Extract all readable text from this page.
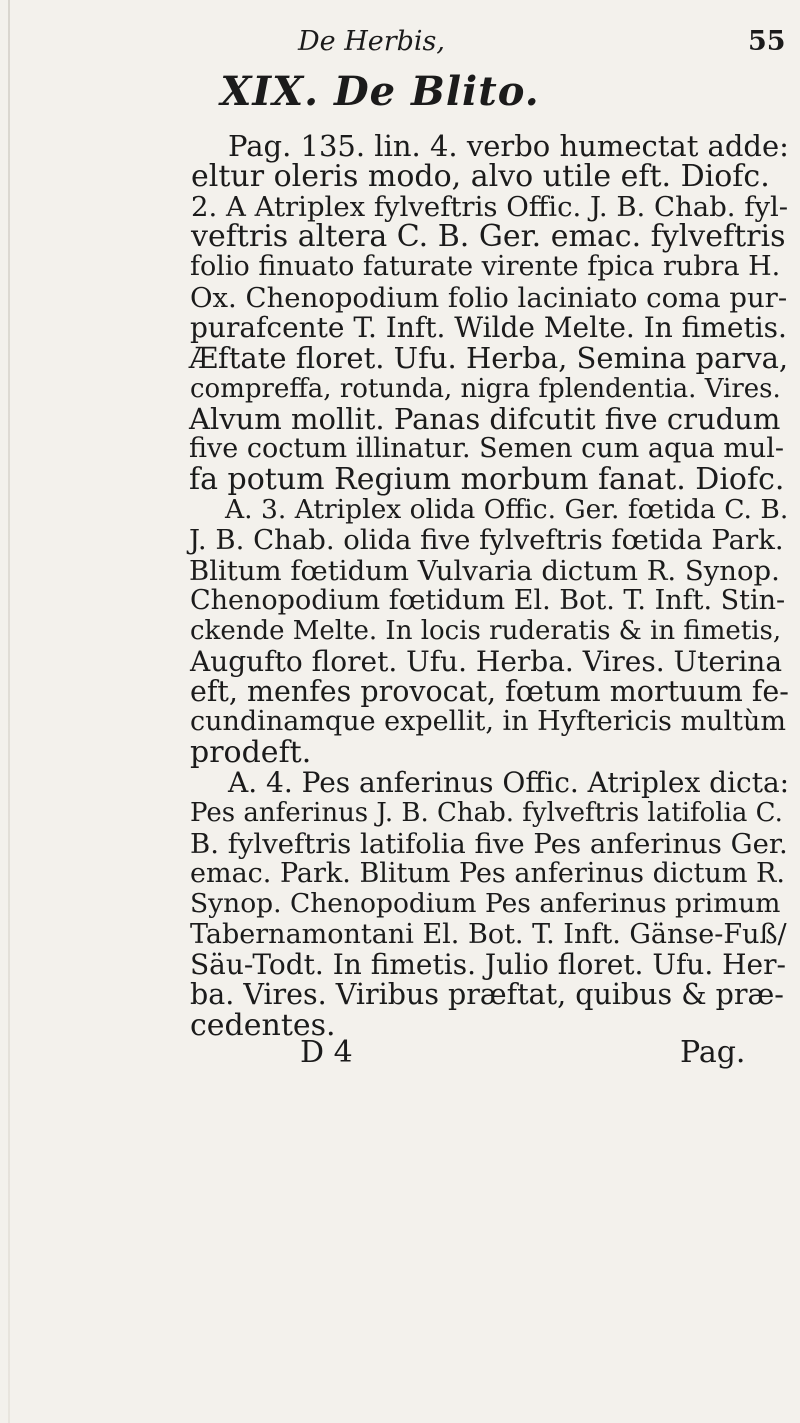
De Herbis,	55
XIX. De Blito.
Pag. 135. lin. 4. verbo humectat adde:
eltur oleris modo, alvo utile eft. Diofc.
2. A Atriplex fylveftris Offic. J. B. Chab. fyl-
veftris altera C. B. Ger. emac. fylveftris
folio finuato faturate virente fpica rubra H.
Ox. Chenopodium folio laciniato coma pur-
purafcente T. Inft. Wilde Melte. In fimetis.
Æftate floret. Ufu. Herba, Semina parva,
compreffa, rotunda, nigra fplendentia. Vires.
Alvum mollit. Panas difcutit five crudum
five coctum illinatur. Semen cum aqua mul-
fa potum Regium morbum fanat. Diofc.
A. 3. Atriplex olida Offic. Ger. fœtida C. B.
J. B. Chab. olida five fylveftris fœtida Park.
Blitum fœtidum Vulvaria dictum R. Synop.
Chenopodium fœtidum El. Bot. T. Inft. Stin-
ckende Melte. In locis ruderatis & in fimetis,
Augufto floret. Ufu. Herba. Vires. Uterina
eft, menfes provocat, fœtum mortuum fe-
cundinamque expellit, in Hyftericis multùm
prodeft.
A. 4. Pes anferinus Offic. Atriplex dicta:
Pes anferinus J. B. Chab. fylveftris latifolia C.
B. fylveftris latifolia five Pes anferinus Ger.
emac. Park. Blitum Pes anferinus dictum R.
Synop. Chenopodium Pes anferinus primum
Tabernamontani El. Bot. T. Inft. Gänse-Fuß/
Säu-Todt. In fimetis. Julio floret. Ufu. Her-
ba. Vires. Viribus præftat, quibus & præ-
cedentes.
D 4	Pag.
